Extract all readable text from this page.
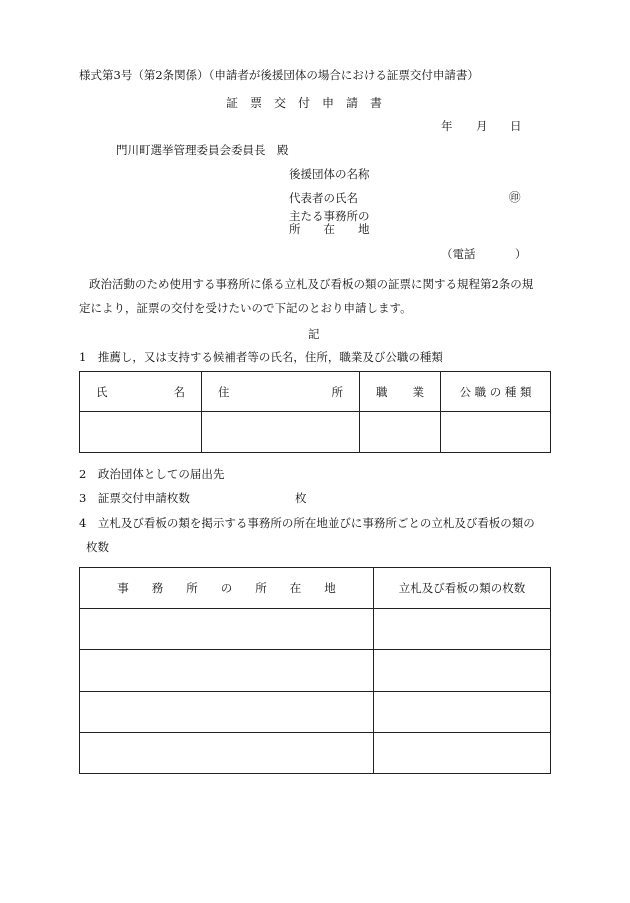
様式第3号（第2条関係）（申請者が後援団体の場合における証票交付申請書）
証　票　交　付　申　請　書
年 月 日
門川町選挙管理委員会委員長　殿
後援団体の名称
代表者の氏名	㊞
主たる事務所の
所　　在　　地
（電話	）
政治活動のため使用する事務所に係る立札及び看板の類の証票に関する規程第2条の規
定により，証票の交付を受けたいので下記のとおり申請します。
記
1　推薦し，又は支持する候補者等の氏名，住所，職業及び公職の種類
氏 名	住 所	職 業	公 職 の 種 類

2　政治団体としての届出先
3　証票交付申請枚数	枚
4　立札及び看板の類を掲示する事務所の所在地並びに事務所ごとの立札及び看板の類の
枚数
事　　務　　所　　の　　所　　在　　地	立札及び看板の類の枚数
